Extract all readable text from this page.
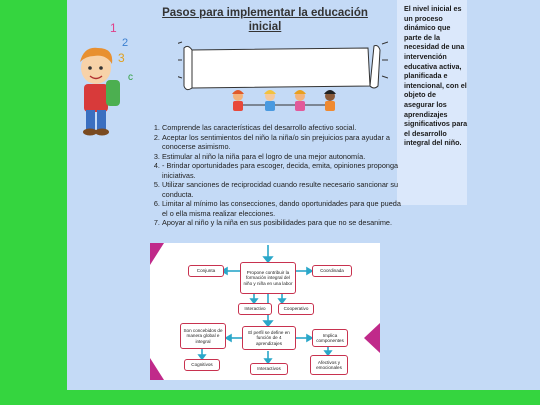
El nivel inicial es un proceso dinámico que parte de la necesidad de una intervención educativa activa, planificada e intencional, con el objeto de asegurar los aprendizajes significativos para el desarrollo integral del niño.
Pasos para implementar la educación inicial
1
2
3
c
1. Comprende las características del desarrollo afectivo social.
2. Aceptar los sentimientos del niño la niña/o sin prejuicios para ayudar a conocerse asimismo.
3. Estimular al niño la niña para el logro de una mejor autonomía.
4. - Brindar oportunidades para escoger, decida, emita, opiniones proponga iniciativas.
5. Utilizar sanciones de reciprocidad cuando resulte necesario sancionar su conducta.
6. Limitar al mínimo las consecciones, dando oportunidades para que pueda el o ella misma realizar elecciones.
7. Apoyar al niño y la niña en sus posibilidades para que no se desanime.
Propone contribuir la formación integral del niño y niña en una labor
Conjunta	Coordinada
Interactivo	Cooperativo
El perfil se define en función de 4 aprendizajes
Son concebidos de manera global e integral
Implica componentes
Cognitivos
Interactivos
Afectivos y emocionales
